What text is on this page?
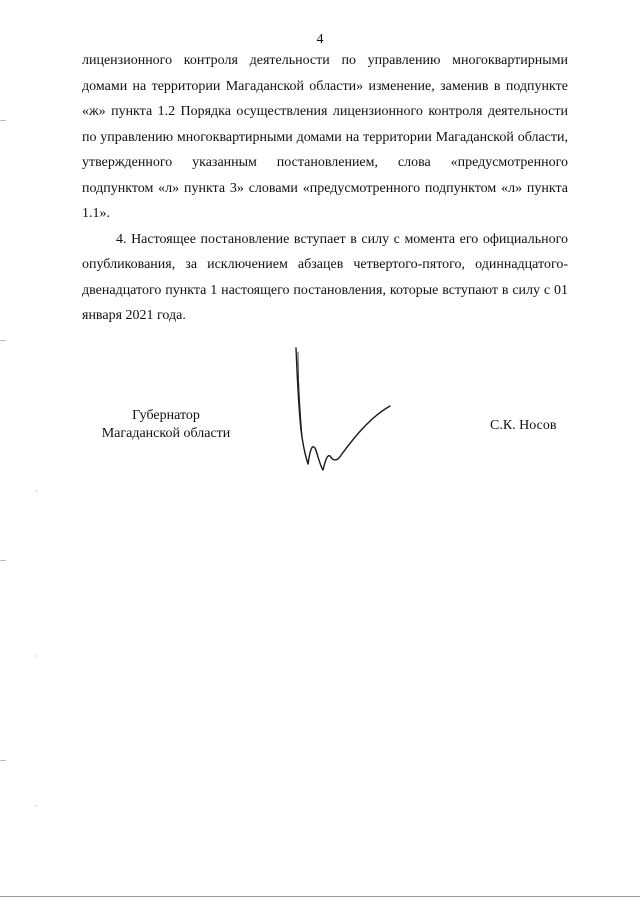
4

лицензионного контроля деятельности по управлению многоквартирными домами на территории Магаданской области» изменение, заменив в подпункте «ж» пункта 1.2 Порядка осуществления лицензионного контроля деятельности по управлению многоквартирными домами на территории Магаданской области, утвержденного указанным постановлением, слова «предусмотренного подпунктом «л» пункта 3» словами «предусмотренного подпунктом «л» пункта 1.1».

4. Настоящее постановление вступает в силу с момента его официального опубликования, за исключением абзацев четвертого-пятого, одиннадцатого-двенадцатого пункта 1 настоящего постановления, которые вступают в силу с 01 января 2021 года.

Губернатор
Магаданской области
С.К. Носов
